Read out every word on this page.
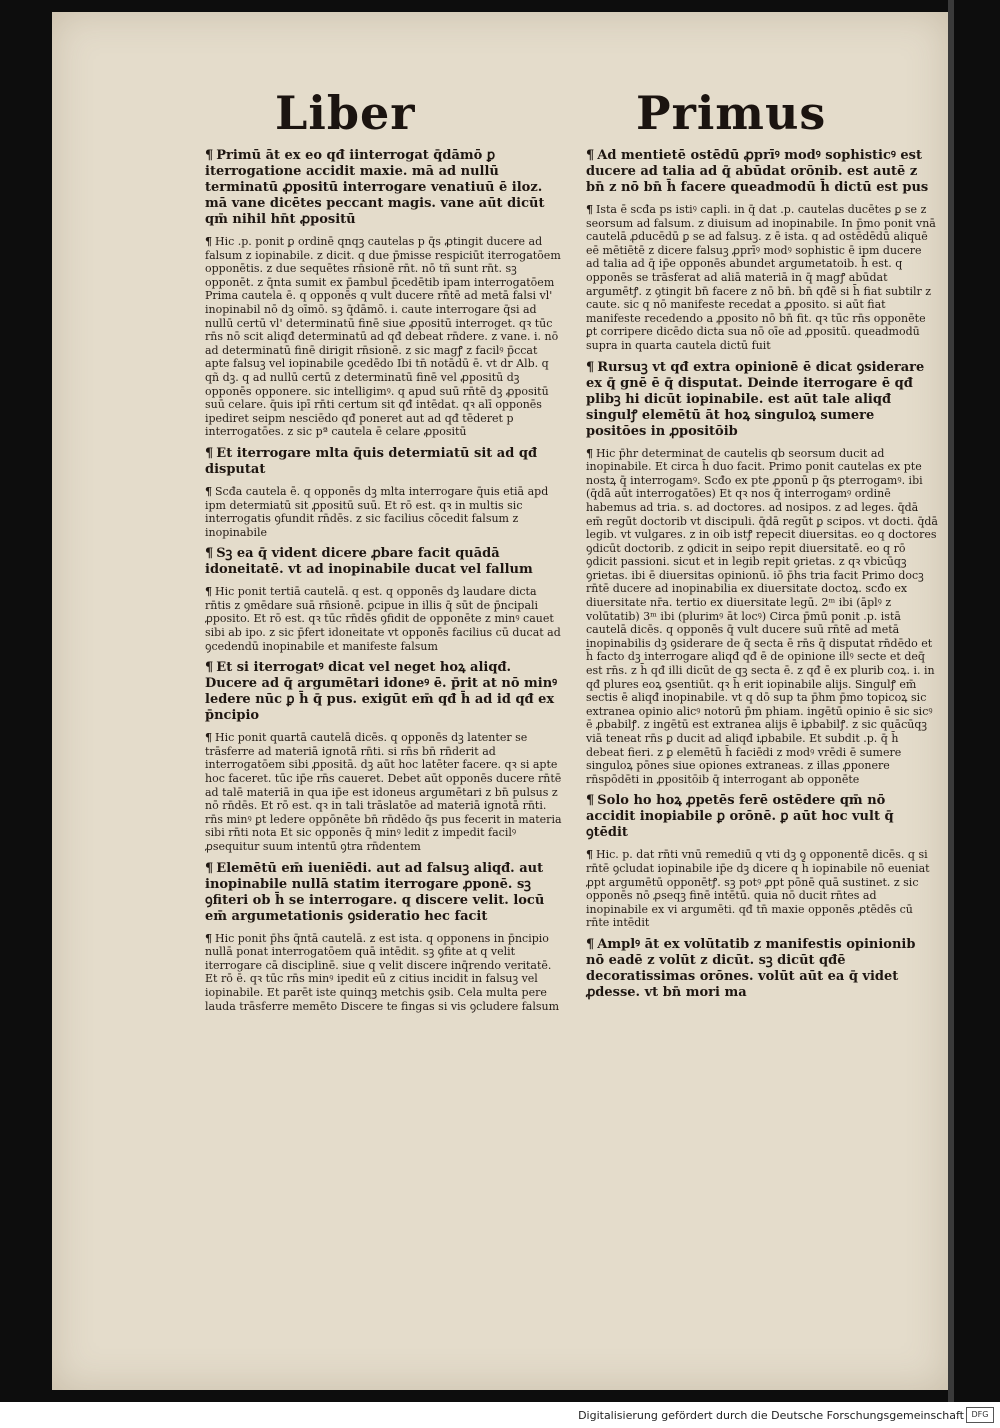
Liber	Primus
¶ Primū āt ex eo qđ iinterrogat q̄dāmō ꝑ iterrogatione accidit maxie. mā ad nullū terminatū ꝓpositū interrogare venatiuū ē iloz. mā vane dicētes peccant magis. vane aūt dicūt qm̄ nihil hn̄t ꝓpositū
¶ Hic .p. ponit ꝑ ordinē qnqꝫ cautelas p q̄s ꝓtingit ducere ad falsum z iopinabile. z dicit. q due p̄misse respiciūt iterrogatōem opponētis. z due sequētes rn̄sionē rn̄t. nō tñ sunt rn̄t. sꝫ opponēt. z q̄nta sumit ex p̄ambul p̄cedētib ipam interrogatōem Prima cautela ē. q opponēs q vult ducere rn̄tē ad metā falsi vl' inopinabil nō dꝫ oīmō. sꝫ q̄dāmō. i. caute interrogare q̄si ad nullū certū vl' determinatū finē siue ꝓpositū interroget. qꝛ tūc rn̄s nō scit aliqđ determinatū ad qđ debeat rn̄dere. z vane. i. nō ad determinatū finē dirigit rn̄sionē. z sic magꝭ z facilꝰ p̄ccat apte falsuꝫ vel iopinabile ꝯcedēdo Ibi tn̄ notādū ē. vt dr Alb. q qñ dꝫ. q ad nullū certū z determinatū finē vel ꝓpositū dꝫ opponēs opponere. sic intelligimꝰ. q apud suū rn̄tē dꝫ ꝓpositū suū celare. q̄uis ipī rn̄ti certum sit qđ intēdat. qꝛ alī opponēs ipediret seipm nesciēdo qđ poneret aut ad qđ tēderet p interrogatōes. z sic pª cautela ē celare ꝓpositū
¶ Et iterrogare mlta q̄uis determiatū sit ad qđ disputat
¶ Scđa cautela ē. q opponēs dꝫ mlta interrogare q̄uis etiā apd ipm determiatū sit ꝓpositū suū. Et rō est. qꝛ in multis sic interrogatis ꝯfundit rn̄dēs. z sic facilius cōcedit falsum z inopinabile
¶ Sꝫ ea q̄ vident dicere ꝓbare facit quādā idoneitatē. vt ad inopinabile ducat vel fallum
¶ Hic ponit tertiā cautelā. q est. q opponēs dꝫ laudare dicta rn̄tis z ꝯmēdare suā rn̄sionē. ꝑcipue in illis q̄ sūt de p̄ncipali ꝓposito. Et rō est. qꝛ tūc rn̄dēs ꝯfidit de opponēte z minꝰ cauet sibi ab ipo. z sic p̄fert idoneitate vt opponēs facilius cū ducat ad ꝯcedendū inopinabile et manifeste falsum
¶ Et si iterrogatꝰ dicat vel neget hoꝝ aliqđ. Ducere ad q̄ argumētari idoneꝰ ē. p̄rit at nō minꝰ ledere nūc ꝑ h̄ q̄ pus. exigūt em̄ qđ h̄ ad id qđ ex p̄ncipio
¶ Hic ponit quartā cautelā dicēs. q opponēs dꝫ latenter se trāsferre ad materiā ignotā rn̄ti. si rn̄s bn̄ rn̄derit ad interrogatōem sibi ꝓpositā. dꝫ aūt hoc latēter facere. qꝛ si apte hoc faceret. tūc ip̄e rn̄s caueret. Debet aūt opponēs ducere rn̄tē ad talē materiā in qua ip̄e est idoneus argumētari z bn̄ pulsus z nō rn̄dēs. Et rō est. qꝛ in tali trāslatōe ad materiā ignotā rn̄ti. rn̄s minꝰ ꝑt ledere oppōnēte bn̄ rn̄dēdo q̄s pus fecerit in materia sibi rn̄ti nota Et sic opponēs q̄ minꝰ ledit z impedit facilꝰ ꝓsequitur suum intentū ꝯtra rn̄dentem
¶ Elemētū em̄ iueniēdi. aut ad falsuꝫ aliqđ. aut inopinabile nullā statim iterrogare ꝓponē. sꝫ ꝯfiteri ob h̄ se interrogare. q discere velit. locū em̄ argumetationis ꝯsideratio hec facit
¶ Hic ponit p̄hs q̄ntā cautelā. z est ista. q opponens in p̄ncipio nullā ponat interrogatōem quā intēdit. sꝫ ꝯfite at q velit iterrogare cā disciplinē. siue q velit discere inq̄rendo veritatē. Et rō ē. qꝛ tūc rn̄s minꝰ ipedit eū z citius incidit in falsuꝫ vel iopinabile. Et parēt iste quinqꝫ metchis ꝯsib. Cela multa pere lauda trāsferre memēto Discere te fingas si vis ꝯcludere falsum
¶ Ad mentietē ostēdū ꝓprīꝰ modꝰ sophisticꝰ est ducere ad talia ad q̄ abūdat orōnib. est autē z bn̄ z nō bn̄ h̄ facere queadmodū h̄ dictū est pus
¶ Ista ē scđa ps istiꝰ capli. in q̄ dat .p. cautelas ducētes ꝑ se z seorsum ad falsum. z diuisum ad inopinabile. In p̄mo ponit vnā cautelā ꝓducēdū ꝑ se ad falsuꝫ. z ē ista. q ad ostēdēdū aliquē eē mētiētē z dicere falsuꝫ ꝓprīꝰ modꝰ sophistic ē ipm ducere ad talia ad q̄ ip̄e opponēs abundet argumetatoib. h̄ est. q opponēs se trāsferat ad aliā materiā in q̄ magꝭ abūdat argumētꝭ. z ꝯtingit bn̄ facere z nō bn̄. bn̄ qđē si h̄ fiat subtilr z caute. sic q nō manifeste recedat a ꝓposito. si aūt fiat manifeste recedendo a ꝓposito nō bn̄ fit. qꝛ tūc rn̄s opponēte ꝑt corripere dicēdo dicta sua nō oīe ad ꝓpositū. queadmodū supra in quarta cautela dictū fuit
¶ Rursuꝫ vt qđ extra opinionē ē dicat ꝯsiderare ex q̄ gnē ē q̄ disputat. Deinde iterrogare ē qđ plibꝫ hi dicūt iopinabile. est aūt tale aliqđ singulꝭ elemētū āt hoꝝ singuloꝝ sumere positōes in ꝓpositōib
¶ Hic p̄hr determinat de cautelis qb seorsum ducit ad inopinabile. Et circa h̄ duo facit. Primo ponit cautelas ex pte nostꝝ q̄ interrogamꝰ. Scđo ex pte ꝓponū p q̄s ꝑterrogamꝰ. ibi (q̄dā aūt interrogatōes) Et qꝛ nos q̄ interrogamꝰ ordinē habemus ad tria. s. ad doctores. ad nosipos. z ad leges. q̄dā em̄ regūt doctorib vt discipuli. q̄dā regūt ꝑ scipos. vt docti. q̄dā legib. vt vulgares. z in oib istꝭ repecit diuersitas. eo q doctores ꝯdicūt doctorib. z ꝯdicit in seipo repit diuersitatē. eo q rō ꝯdicit passioni. sicut et in legib repit ꝯrietas. z qꝛ vbicūqꝫ ꝯrietas. ibi ē diuersitas opinionū. iō p̄hs tria facit Primo docꝫ rn̄tē ducere ad inopinabilia ex diuersitate doctoꝝ. scđo ex diuersitate nr̄a. tertio ex diuersitate legū. 2ᵐ ibi (āplꝰ z volūtatib) 3ᵐ ibi (plurimꝰ āt locꝰ) Circa p̄mū ponit .p. istā cautelā dicēs. q opponēs q̄ vult ducere suū rn̄tē ad metā inopinabilis dꝫ ꝯsiderare de q̄ secta ē rn̄s q̄ disputat rn̄dēdo et h̄ facto dꝫ interrogare aliqđ qđ ē de opinione illꝰ secte et deq̄ est rn̄s. z h̄ qđ illi dicūt de qꝫ secta ē. z qđ ē ex plurib coꝝ. i. in qđ plures eoꝝ ꝯsentiūt. qꝛ h̄ erit iopinabile alijs. Singulꝭ em̄ sectis ē aliqđ inopinabile. vt q dō sup ta p̄hm p̄mo topicoꝝ sic extranea opinio alicꝰ notorū p̄m phiam. ingētū opinio ē sic sicꝰ ē ꝓbabilꝭ. z ingētū est extranea alijs ē iꝓbabilꝭ. z sic quācūqꝫ viā teneat rn̄s ꝑ ducit ad aliqđ iꝓbabile. Et subdit .p. q̄ h̄ debeat fieri. z ꝑ elemētū h̄ faciēdi z modꝰ vrēdi ē sumere singuloꝝ pōnes siue opiones extraneas. z illas ꝓponere rn̄spōdēti in ꝓpositōib q̄ interrogant ab opponēte
¶ Solo ho hoꝝ ꝓpetēs ferē ostēdere qm̄ nō accidit inopiabile ꝑ orōnē. ꝑ aūt hoc vult q̄ ꝯtēdit
¶ Hic. p. dat rn̄ti vnū remediū q vti dꝫ ꝯ opponentē dicēs. q si rn̄tē ꝯcludat iopinabile ip̄e dꝫ dicere q h̄ iopinabile nō eueniat ꝓpt argumētū opponētꝭ. sꝫ potꝰ ꝓpt pōnē quā sustinet. z sic opponēs nō ꝓseqꝫ finē intētū. quia nō ducit rn̄tes ad inopinabile ex vi argumēti. qđ tn̄ maxie opponēs ꝓtēdēs cū rn̄te intēdit
¶ Amplꝰ āt ex volūtatib z manifestis opinionib nō eadē z volūt z dicūt. sꝫ dicūt qđē decoratissimas orōnes. volūt aūt ea q̄ videt ꝓdesse. vt bn̄ mori ma
Digitalisierung gefördert durch die Deutsche Forschungsgemeinschaft DFG
